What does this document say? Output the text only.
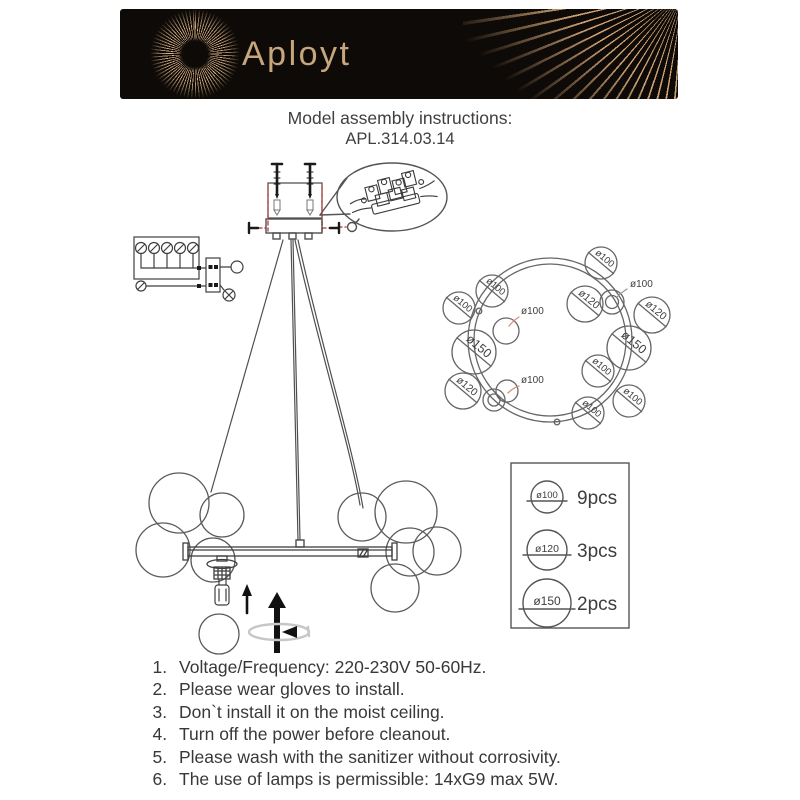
Aployt
Model assembly instructions:
APL.314.03.14
ø100
ø100
ø100
ø100
ø100
ø100
ø120	ø120
ø120
ø150	ø150
ø100
ø100
ø100
ø100 9pcs
ø120 3pcs
ø150 2pcs
1. Voltage/Frequency: 220-230V 50-60Hz.
2. Please wear gloves to install.
3. Don`t install it on the moist ceiling.
4. Turn off the power before cleanout.
5. Please wash with the sanitizer without corrosivity.
6. The use of lamps is permissible: 14xG9 max 5W.
